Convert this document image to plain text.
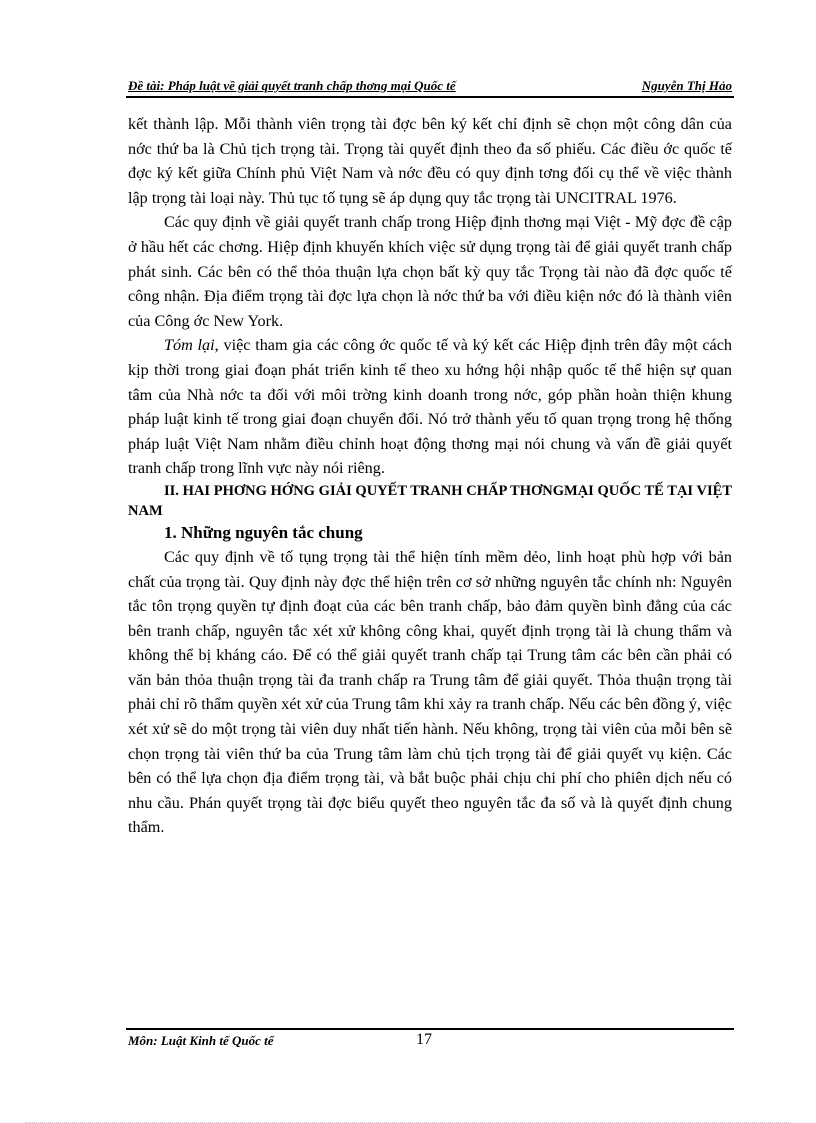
Đề tài: Pháp luật về giải quyết tranh chấp thơng mại Quốc tế	Nguyễn Thị Hảo

kết thành lập. Mỗi thành viên trọng tài đợc bên ký kết chỉ định sẽ chọn một công dân của nớc thứ ba là Chủ tịch trọng tài. Trọng tài quyết định theo đa số phiếu. Các điều ớc quốc tế đợc ký kết giữa Chính phủ Việt Nam và nớc đều có quy định tơng đối cụ thể về việc thành lập trọng tài loại này. Thủ tục tố tụng sẽ áp dụng quy tắc trọng tài UNCITRAL 1976.

Các quy định về giải quyết tranh chấp trong Hiệp định thơng mại Việt - Mỹ đợc đề cập ở hầu hết các chơng. Hiệp định khuyến khích việc sử dụng trọng tài để giải quyết tranh chấp phát sinh. Các bên có thể thỏa thuận lựa chọn bất kỳ quy tắc Trọng tài nào đã đợc quốc tế công nhận. Địa điểm trọng tài đợc lựa chọn là nớc thứ ba với điều kiện nớc đó là thành viên của Công ớc New York.

Tóm lại, việc tham gia các công ớc quốc tế và ký kết các Hiệp định trên đây một cách kịp thời trong giai đoạn phát triển kinh tế theo xu hớng hội nhập quốc tế thể hiện sự quan tâm của Nhà nớc ta đối với môi trờng kinh doanh trong nớc, góp phần hoàn thiện khung pháp luật kinh tế trong giai đoạn chuyển đổi. Nó trở thành yếu tố quan trọng trong hệ thống pháp luật Việt Nam nhằm điều chỉnh hoạt động thơng mại nói chung và vấn đề giải quyết tranh chấp trong lĩnh vực này nói riêng.

II. HAI PHƠNG HỚNG GIẢI QUYẾT TRANH CHẤP THƠNGMẠI QUỐC TẾ TẠI VIỆT NAM

1. Những nguyên tắc chung

Các quy định về tố tụng trọng tài thể hiện tính mềm dẻo, linh hoạt phù hợp với bản chất của trọng tài. Quy định này đợc thể hiện trên cơ sở những nguyên tắc chính nh: Nguyên tắc tôn trọng quyền tự định đoạt của các bên tranh chấp, bảo đảm quyền bình đẳng của các bên tranh chấp, nguyên tắc xét xử không công khai, quyết định trọng tài là chung thẩm và không thể bị kháng cáo. Để có thể giải quyết tranh chấp tại Trung tâm các bên cần phải có văn bản thỏa thuận trọng tài đa tranh chấp ra Trung tâm để giải quyết. Thỏa thuận trọng tài phải chỉ rõ thẩm quyền xét xử của Trung tâm khi xảy ra tranh chấp. Nếu các bên đồng ý, việc xét xử sẽ do một trọng tài viên duy nhất tiến hành. Nếu không, trọng tài viên của mỗi bên sẽ chọn trọng tài viên thứ ba của Trung tâm làm chủ tịch trọng tài để giải quyết vụ kiện. Các bên có thể lựa chọn địa điểm trọng tài, và bắt buộc phải chịu chi phí cho phiên dịch nếu có nhu cầu. Phán quyết trọng tài đợc biểu quyết theo nguyên tắc đa số và là quyết định chung thẩm.

Môn: Luật Kinh tế Quốc tế	17
